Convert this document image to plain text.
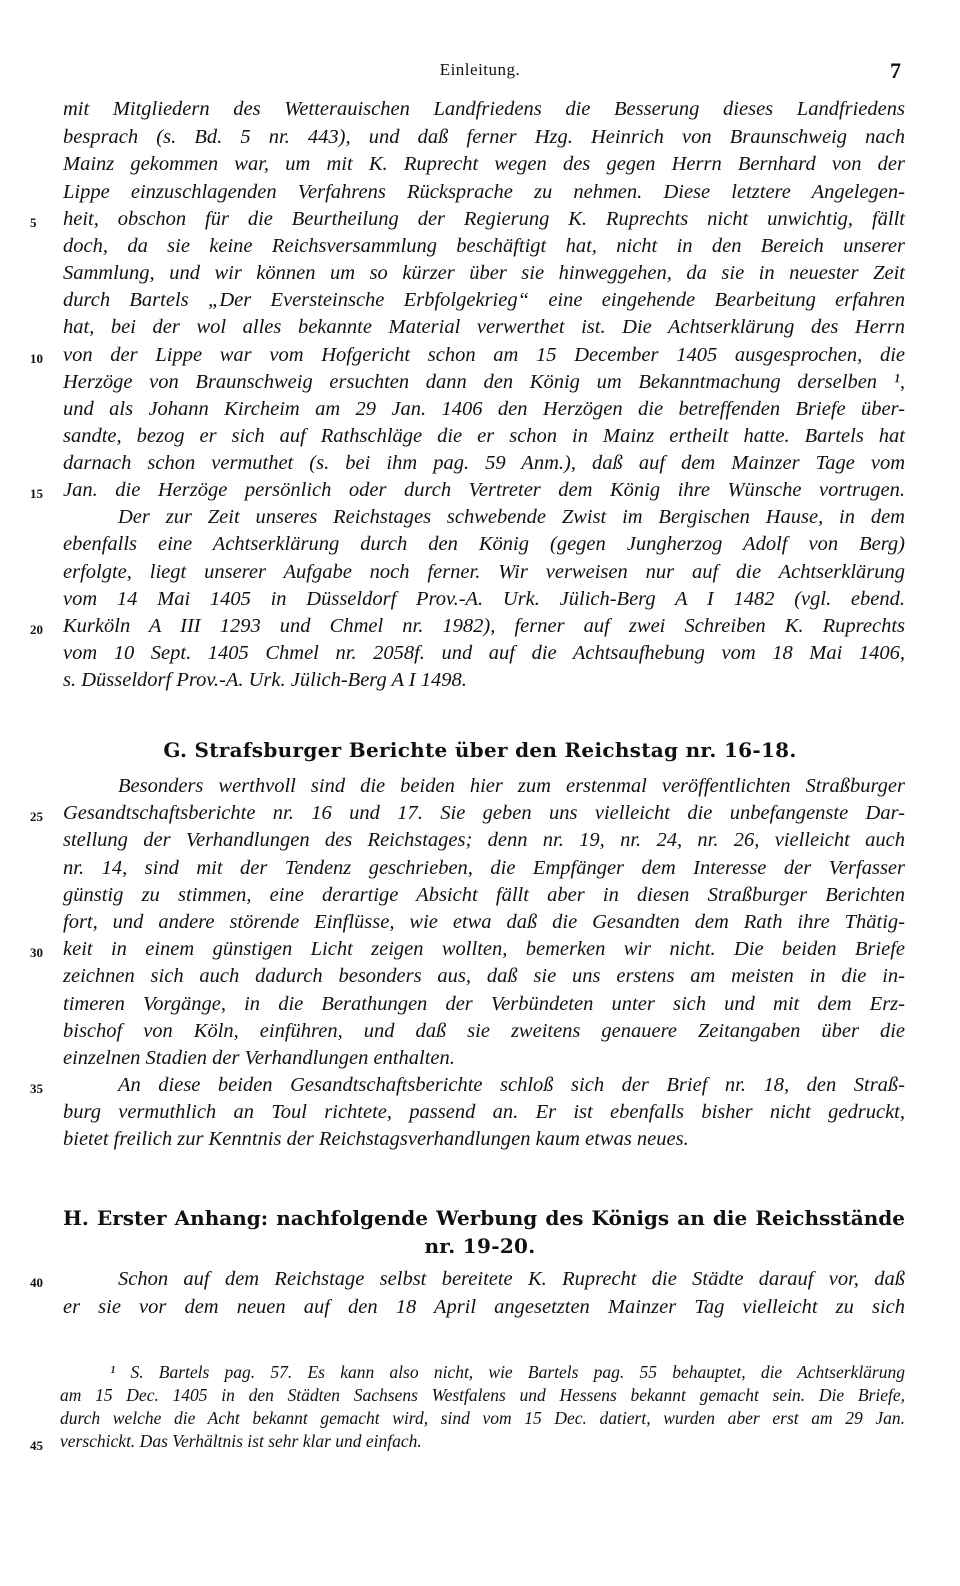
Einleitung.	7
mit Mitgliedern des Wetterauischen Landfriedens die Besserung dieses Landfriedens
besprach (s. Bd. 5 nr. 443), und daß ferner Hzg. Heinrich von Braunschweig nach
Mainz gekommen war, um mit K. Ruprecht wegen des gegen Herrn Bernhard von der
Lippe einzuschlagenden Verfahrens Rücksprache zu nehmen. Diese letztere Angelegen-
heit, obschon für die Beurtheilung der Regierung K. Ruprechts nicht unwichtig, fällt
doch, da sie keine Reichsversammlung beschäftigt hat, nicht in den Bereich unserer
Sammlung, und wir können um so kürzer über sie hinweggehen, da sie in neuester Zeit
durch Bartels „Der Eversteinsche Erbfolgekrieg“ eine eingehende Bearbeitung erfahren
hat, bei der wol alles bekannte Material verwerthet ist. Die Achtserklärung des Herrn
von der Lippe war vom Hofgericht schon am 15 December 1405 ausgesprochen, die
Herzöge von Braunschweig ersuchten dann den König um Bekanntmachung derselben ¹,
und als Johann Kircheim am 29 Jan. 1406 den Herzögen die betreffenden Briefe über-
sandte, bezog er sich auf Rathschläge die er schon in Mainz ertheilt hatte. Bartels hat
darnach schon vermuthet (s. bei ihm pag. 59 Anm.), daß auf dem Mainzer Tage vom
Jan. die Herzöge persönlich oder durch Vertreter dem König ihre Wünsche vortrugen.
Der zur Zeit unseres Reichstages schwebende Zwist im Bergischen Hause, in dem
ebenfalls eine Achtserklärung durch den König (gegen Jungherzog Adolf von Berg)
erfolgte, liegt unserer Aufgabe noch ferner. Wir verweisen nur auf die Achtserklärung
vom 14 Mai 1405 in Düsseldorf Prov.-A. Urk. Jülich-Berg A I 1482 (vgl. ebend.
Kurköln A III 1293 und Chmel nr. 1982), ferner auf zwei Schreiben K. Ruprechts
vom 10 Sept. 1405 Chmel nr. 2058f. und auf die Achtsaufhebung vom 18 Mai 1406,
s. Düsseldorf Prov.-A. Urk. Jülich-Berg A I 1498.
G. Strafsburger Berichte über den Reichstag nr. 16-18.
Besonders werthvoll sind die beiden hier zum erstenmal veröffentlichten Straßburger
Gesandtschaftsberichte nr. 16 und 17. Sie geben uns vielleicht die unbefangenste Dar-
stellung der Verhandlungen des Reichstages; denn nr. 19, nr. 24, nr. 26, vielleicht auch
nr. 14, sind mit der Tendenz geschrieben, die Empfänger dem Interesse der Verfasser
günstig zu stimmen, eine derartige Absicht fällt aber in diesen Straßburger Berichten
fort, und andere störende Einflüsse, wie etwa daß die Gesandten dem Rath ihre Thätig-
keit in einem günstigen Licht zeigen wollten, bemerken wir nicht. Die beiden Briefe
zeichnen sich auch dadurch besonders aus, daß sie uns erstens am meisten in die in-
timeren Vorgänge, in die Berathungen der Verbündeten unter sich und mit dem Erz-
bischof von Köln, einführen, und daß sie zweitens genauere Zeitangaben über die
einzelnen Stadien der Verhandlungen enthalten.
An diese beiden Gesandtschaftsberichte schloß sich der Brief nr. 18, den Straß-
burg vermuthlich an Toul richtete, passend an. Er ist ebenfalls bisher nicht gedruckt,
bietet freilich zur Kenntnis der Reichstagsverhandlungen kaum etwas neues.
H. Erster Anhang: nachfolgende Werbung des Königs an die Reichsstände
nr. 19-20.
Schon auf dem Reichstage selbst bereitete K. Ruprecht die Städte darauf vor, daß
er sie vor dem neuen auf den 18 April angesetzten Mainzer Tag vielleicht zu sich
¹ S. Bartels pag. 57. Es kann also nicht, wie Bartels pag. 55 behauptet, die Achtserklärung
am 15 Dec. 1405 in den Städten Sachsens Westfalens und Hessens bekannt gemacht sein. Die Briefe,
durch welche die Acht bekannt gemacht wird, sind vom 15 Dec. datiert, wurden aber erst am 29 Jan.
verschickt. Das Verhältnis ist sehr klar und einfach.
5
10
15
20
25
30
35
40
45
